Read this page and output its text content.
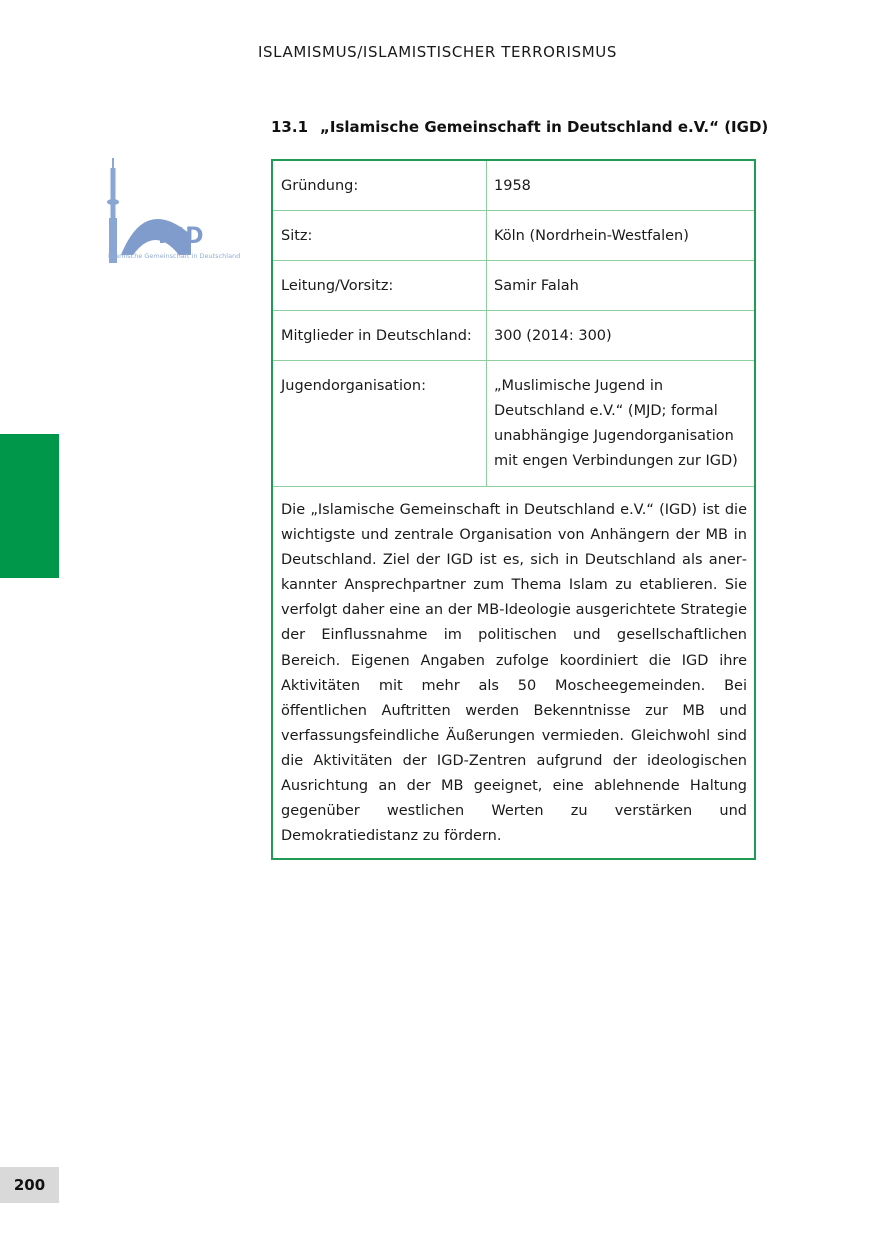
ISLAMISMUS/ISLAMISTISCHER TERRORISMUS
13.1 „Islamische Gemeinschaft in Deutschland e.V.“ (IGD)
IGD
Islamische Gemeinschaft in Deutschland
Gründung:	1958
Sitz:	Köln (Nordrhein-Westfalen)
Leitung/Vorsitz:	Samir Falah
Mitglieder in Deutschland:	300 (2014: 300)
Jugendorganisation:	„Muslimische Jugend in Deutschland e.V.“ (MJD; formal unabhängige Jugendorganisation mit engen Verbindungen zur IGD)
Die „Islamische Gemeinschaft in Deutschland e.V.“ (IGD) ist die wichtigste und zentrale Organisation von Anhängern der MB in Deutschland. Ziel der IGD ist es, sich in Deutschland als anerkannter Ansprechpartner zum Thema Islam zu etablieren. Sie verfolgt daher eine an der MB-Ideologie ausgerichtete Strategie der Einflussnahme im politischen und gesellschaftlichen Bereich. Eigenen Angaben zufolge koordiniert die IGD ihre Aktivitäten mit mehr als 50 Moscheegemeinden. Bei öffentlichen Auftritten werden Bekenntnisse zur MB und verfassungsfeindliche Äußerungen vermieden. Gleichwohl sind die Aktivitäten der IGD-Zentren aufgrund der ideologischen Ausrichtung an der MB geeignet, eine ablehnende Haltung gegenüber westlichen Werten zu verstärken und Demokratiedistanz zu fördern.
200
